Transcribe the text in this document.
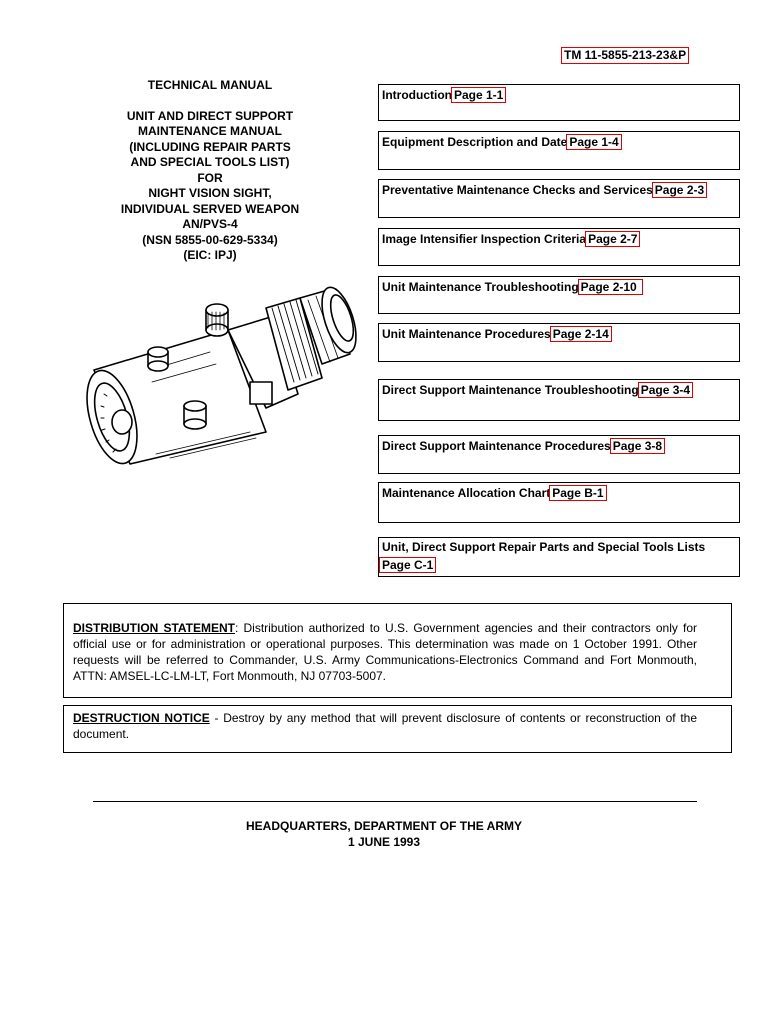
TM 11-5855-213-23&P
TECHNICAL MANUAL
UNIT AND DIRECT SUPPORT
MAINTENANCE MANUAL
(INCLUDING REPAIR PARTS
AND SPECIAL TOOLS LIST)
FOR
NIGHT VISION SIGHT,
INDIVIDUAL SERVED WEAPON
AN/PVS-4
(NSN 5855-00-629-5334)
(EIC: IPJ)
Introduction Page 1-1
Equipment Description and Date Page 1-4
Preventative Maintenance Checks and Services Page 2-3
Image Intensifier Inspection Criteria Page 2-7
Unit Maintenance Troubleshooting Page 2-10
Unit Maintenance Procedures Page 2-14
Direct Support Maintenance Troubleshooting Page 3-4
Direct Support Maintenance Procedures Page 3-8
Maintenance Allocation Chart Page B-1
Unit, Direct Support Repair Parts and Special Tools Lists
Page C-1
DISTRIBUTION STATEMENT: Distribution authorized to U.S. Government agencies and their contractors only for official use or for administration or operational purposes. This determination was made on 1 October 1991. Other requests will be referred to Commander, U.S. Army Communications-Electronics Command and Fort Monmouth, ATTN: AMSEL-LC-LM-LT, Fort Monmouth, NJ 07703-5007.
DESTRUCTION NOTICE - Destroy by any method that will prevent disclosure of contents or reconstruction of the document.
HEADQUARTERS, DEPARTMENT OF THE ARMY
1 JUNE 1993
